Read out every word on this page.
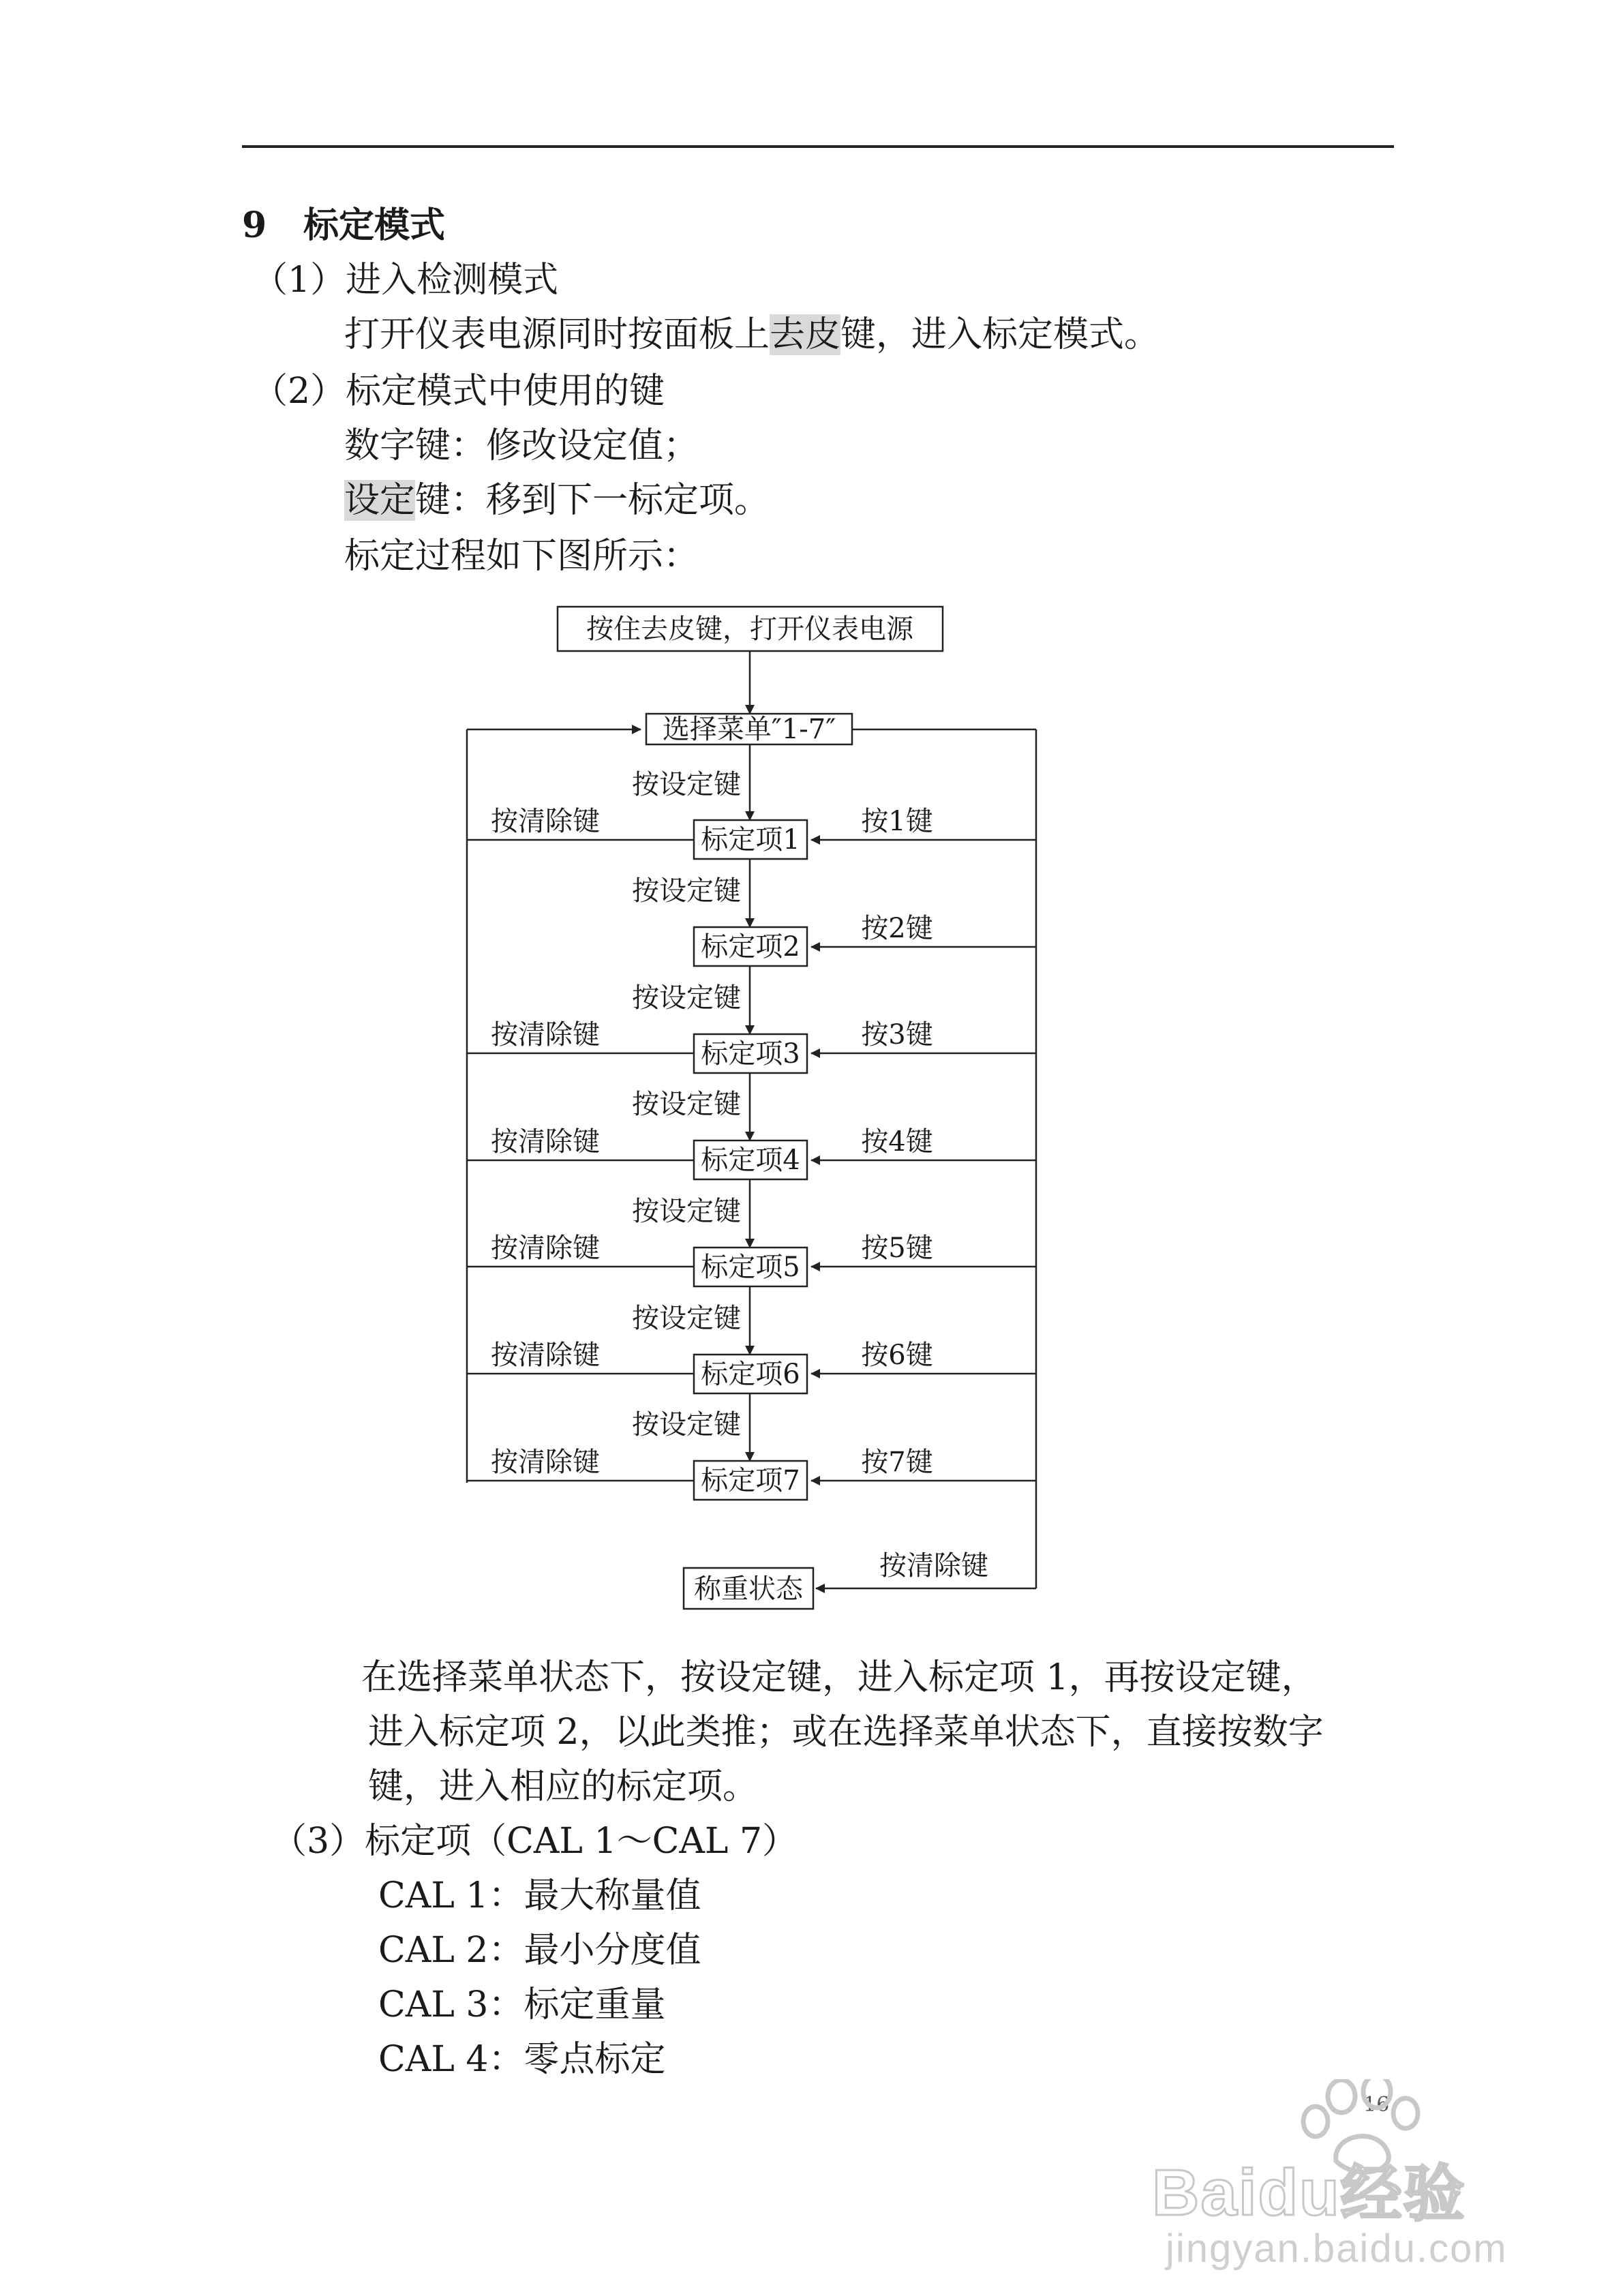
9 标定模式
（1）进入检测模式
打开仪表电源同时按面板上去皮键，进入标定模式。
（2）标定模式中使用的键
数字键：修改设定值；
设定键：移到下一标定项。
标定过程如下图所示：
按住去皮键，打开仪表电源
选择菜单″1-7″
标定项1
标定项2
标定项3
标定项4
标定项5
标定项6
标定项7
称重状态
按设定键
按设定键
按设定键
按设定键
按设定键
按设定键
按设定键
按清除键
按清除键
按清除键
按清除键
按清除键
按清除键
按1键
按2键
按3键
按4键
按5键
按6键
按7键
按清除键
在选择菜单状态下，按设定键，进入标定项 1，再按设定键，
进入标定项 2，以此类推；或在选择菜单状态下，直接按数字
键，进入相应的标定项。
（3）标定项（CAL 1～CAL 7）
CAL 1：最大称量值
CAL 2：最小分度值
CAL 3：标定重量
CAL 4：零点标定
16
Baidu经验
jingyan.baidu.com
